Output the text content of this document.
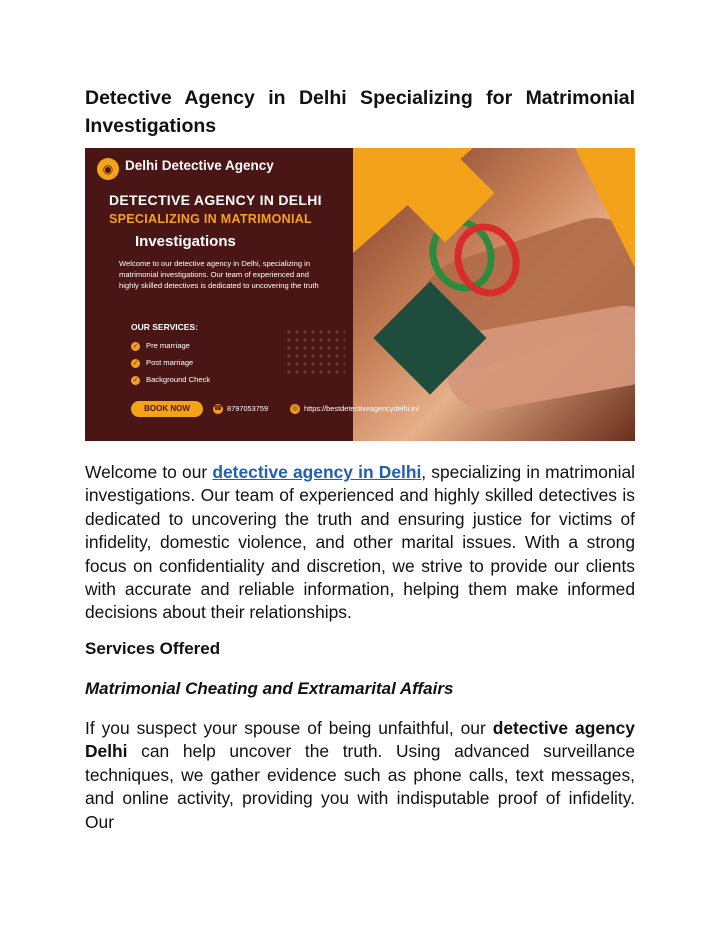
Detective Agency in Delhi Specializing for Matrimonial Investigations
◉ Delhi Detective Agency
DETECTIVE AGENCY IN DELHI
SPECIALIZING IN MATRIMONIAL
Investigations
Welcome to our detective agency in Delhi, specializing in matrimonial investigations. Our team of experienced and highly skilled detectives is dedicated to uncovering the truth
OUR SERVICES:
✓ Pre marriage
✓ Post marriage
✓ Background Check
BOOK NOW	☎ 8797053759	◎ https://bestdetectiveagencydelhi.in/

Welcome to our detective agency in Delhi, specializing in matrimonial investigations. Our team of experienced and highly skilled detectives is dedicated to uncovering the truth and ensuring justice for victims of infidelity, domestic violence, and other marital issues. With a strong focus on confidentiality and discretion, we strive to provide our clients with accurate and reliable information, helping them make informed decisions about their relationships.

Services Offered
Matrimonial Cheating and Extramarital Affairs

If you suspect your spouse of being unfaithful, our detective agency Delhi can help uncover the truth. Using advanced surveillance techniques, we gather evidence such as phone calls, text messages, and online activity, providing you with indisputable proof of infidelity. Our
